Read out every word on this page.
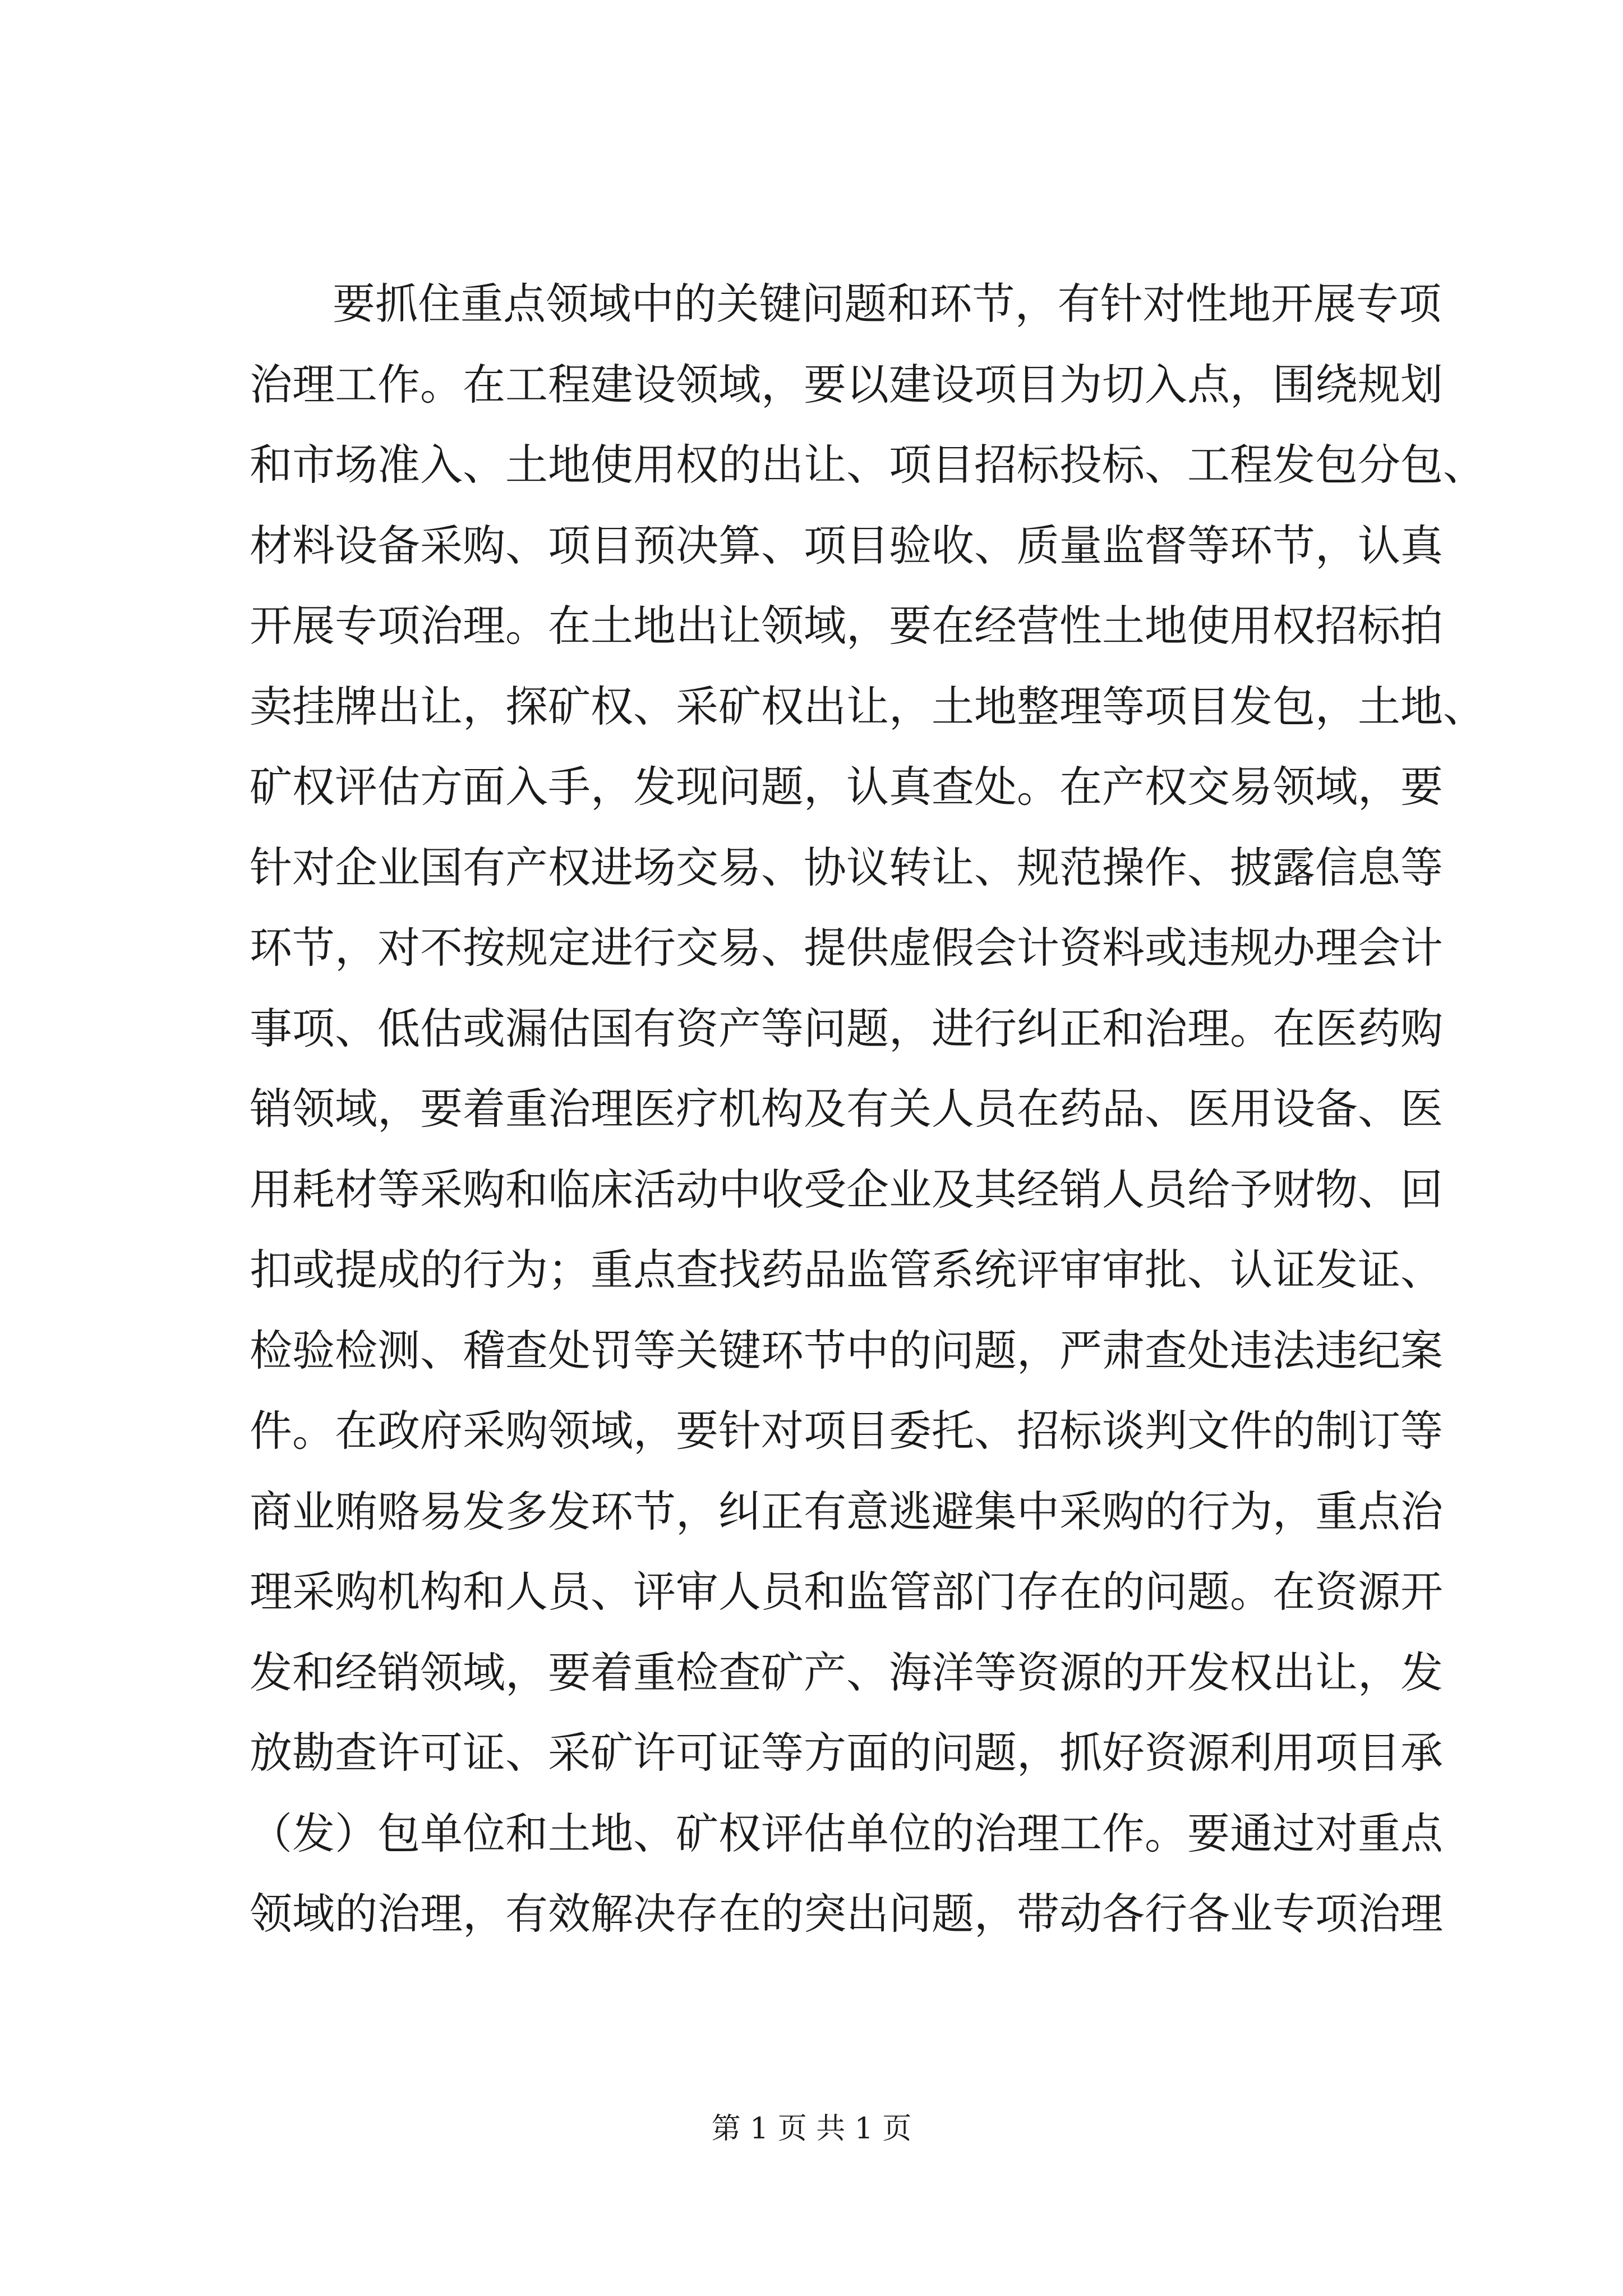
要抓住重点领域中的关键问题和环节，有针对性地开展专项
治理工作。在工程建设领域，要以建设项目为切入点，围绕规划
和市场准入、土地使用权的出让、项目招标投标、工程发包分包、
材料设备采购、项目预决算、项目验收、质量监督等环节，认真
开展专项治理。在土地出让领域，要在经营性土地使用权招标拍
卖挂牌出让，探矿权、采矿权出让，土地整理等项目发包，土地、
矿权评估方面入手，发现问题，认真查处。在产权交易领域，要
针对企业国有产权进场交易、协议转让、规范操作、披露信息等
环节，对不按规定进行交易、提供虚假会计资料或违规办理会计
事项、低估或漏估国有资产等问题，进行纠正和治理。在医药购
销领域，要着重治理医疗机构及有关人员在药品、医用设备、医
用耗材等采购和临床活动中收受企业及其经销人员给予财物、回
扣或提成的行为；重点查找药品监管系统评审审批、认证发证、
检验检测、稽查处罚等关键环节中的问题，严肃查处违法违纪案
件。在政府采购领域，要针对项目委托、招标谈判文件的制订等
商业贿赂易发多发环节，纠正有意逃避集中采购的行为，重点治
理采购机构和人员、评审人员和监管部门存在的问题。在资源开
发和经销领域，要着重检查矿产、海洋等资源的开发权出让，发
放勘查许可证、采矿许可证等方面的问题，抓好资源利用项目承
（发）包单位和土地、矿权评估单位的治理工作。要通过对重点
领域的治理，有效解决存在的突出问题，带动各行各业专项治理
第 1 页 共 1 页
